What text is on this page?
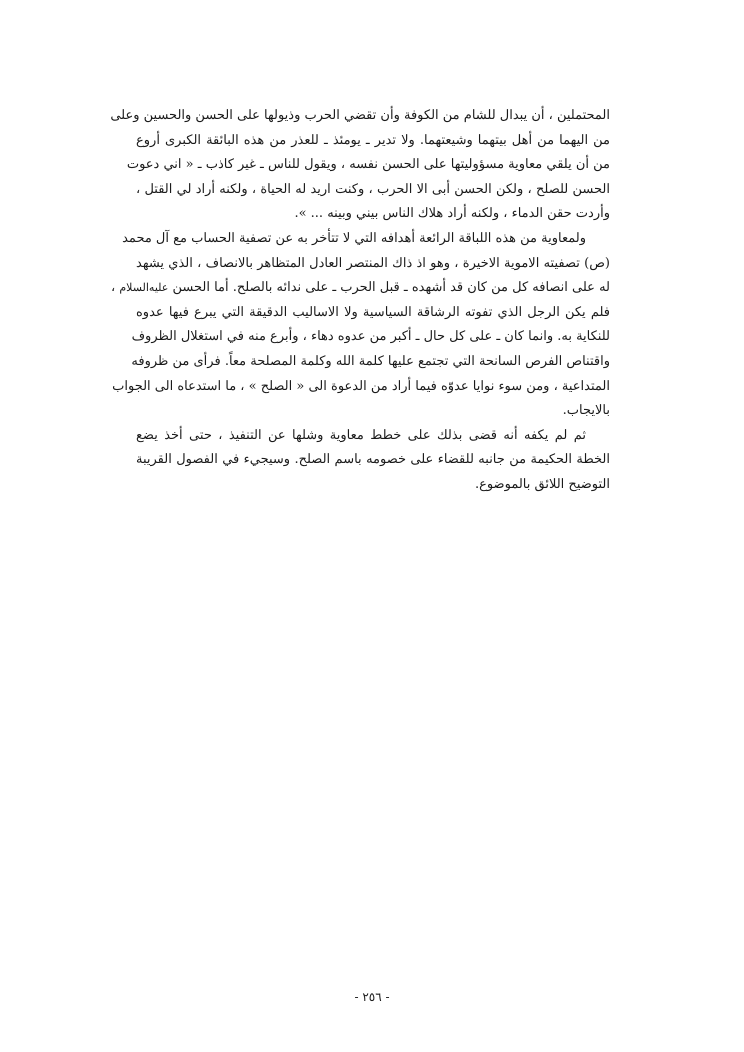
المحتملين ، أن يبدال للشام من الكوفة وأن تقضي الحرب وذيولها على الحسن والحسين وعلى
من اليهما من أهل بيتهما وشيعتهما. ولا تدير ـ يومئذ ـ للعذر من هذه البائقة الكبرى أروع
من أن يلقي معاوية مسؤوليتها على الحسن نفسه ، ويقول للناس ـ غير كاذب ـ « اني دعوت
الحسن للصلح ، ولكن الحسن أبى الا الحرب ، وكنت اريد له الحياة ، ولكنه أراد لي القتل ،
وأردت حقن الدماء ، ولكنه أراد هلاك الناس بيني وبينه ... ».
ولمعاوية من هذه اللباقة الرائعة أهدافه التي لا تتأخر به عن تصفية الحساب مع آل محمد
(ص) تصفيته الاموية الاخيرة ، وهو اذ ذاك المنتصر العادل المتظاهر بالانصاف ، الذي يشهد
له على انصافه كل من كان قد أشهده ـ قبل الحرب ـ على ندائه بالصلح. أما الحسن عليه‌السلام ،
فلم يكن الرجل الذي تفوته الرشاقة السياسية ولا الاساليب الدقيقة التي يبرع فيها عدوه
للنكاية به. وانما كان ـ على كل حال ـ أكبر من عدوه دهاء ، وأبرع منه في استغلال الظروف
واقتناص الفرص السانحة التي تجتمع عليها كلمة الله وكلمة المصلحة معاً. فرأى من ظروفه
المتداعية ، ومن سوء نوايا عدوّه فيما أراد من الدعوة الى « الصلح » ، ما استدعاه الى الجواب
بالايجاب.
ثم لم يكفه أنه قضى بذلك على خطط معاوية وشلها عن التنفيذ ، حتى أخذ يضع
الخطة الحكيمة من جانبه للقضاء على خصومه باسم الصلح. وسيجيء في الفصول القريبة
التوضيح اللائق بالموضوع.
- ٢٥٦ -
